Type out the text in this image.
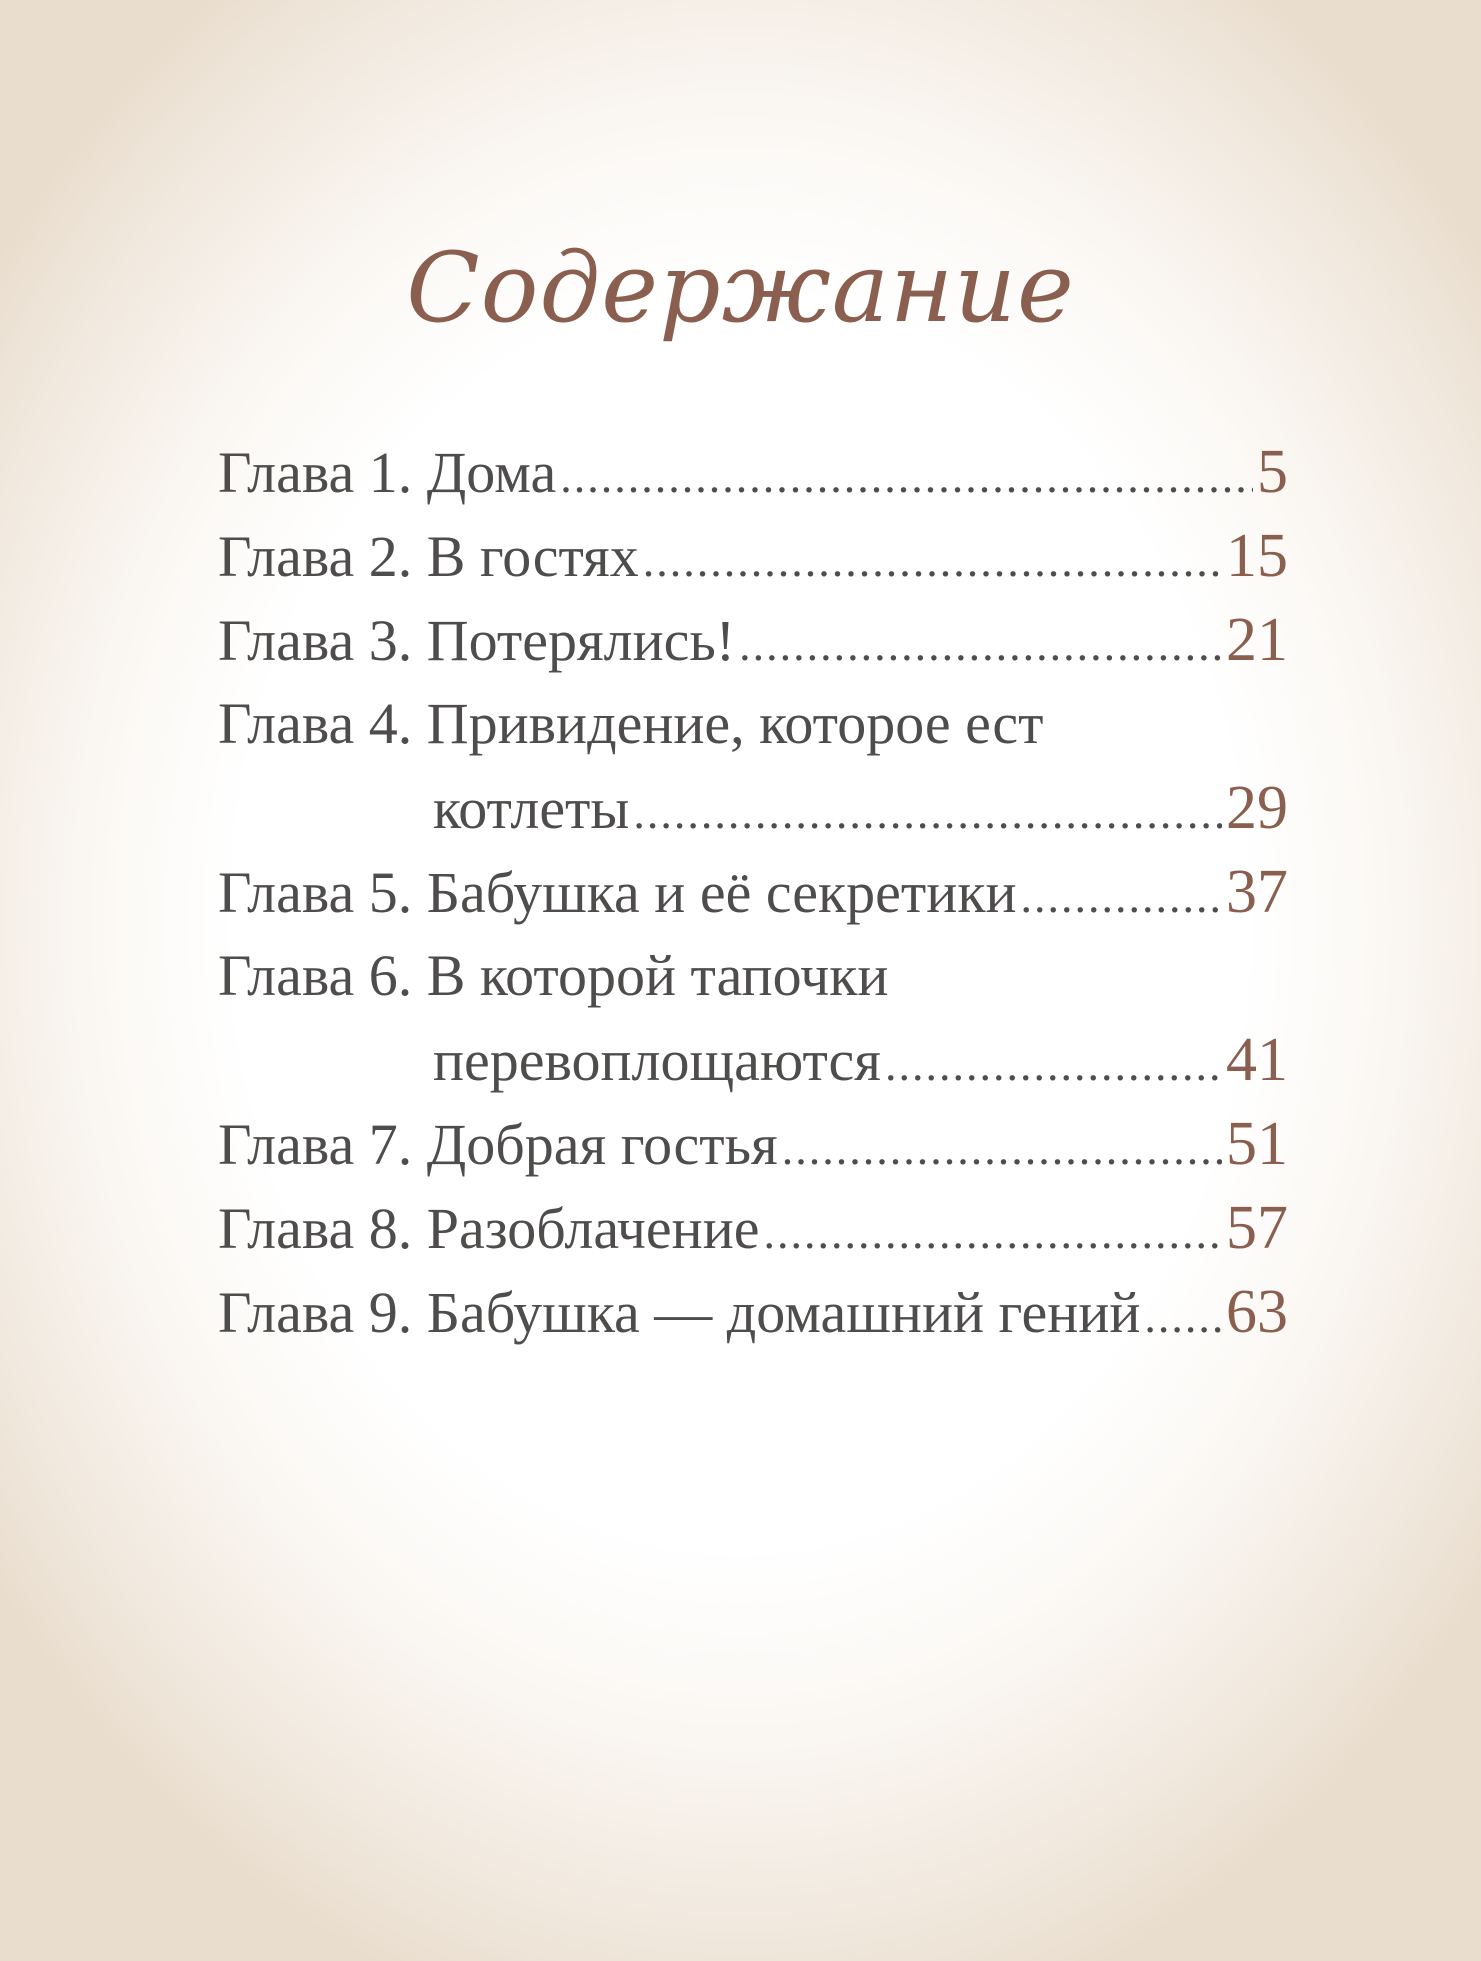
Содержание
Глава 1. Дома .....	5
Глава 2. В гостях .....	15
Глава 3. Потерялись! .....	21
Глава 4. Привидение, которое ест
котлеты .....	29
Глава 5. Бабушка и её секретики .....	37
Глава 6. В которой тапочки
перевоплощаются .....	41
Глава 7. Добрая гостья .....	51
Глава 8. Разоблачение .....	57
Глава 9. Бабушка — домашний гений ..... 63
